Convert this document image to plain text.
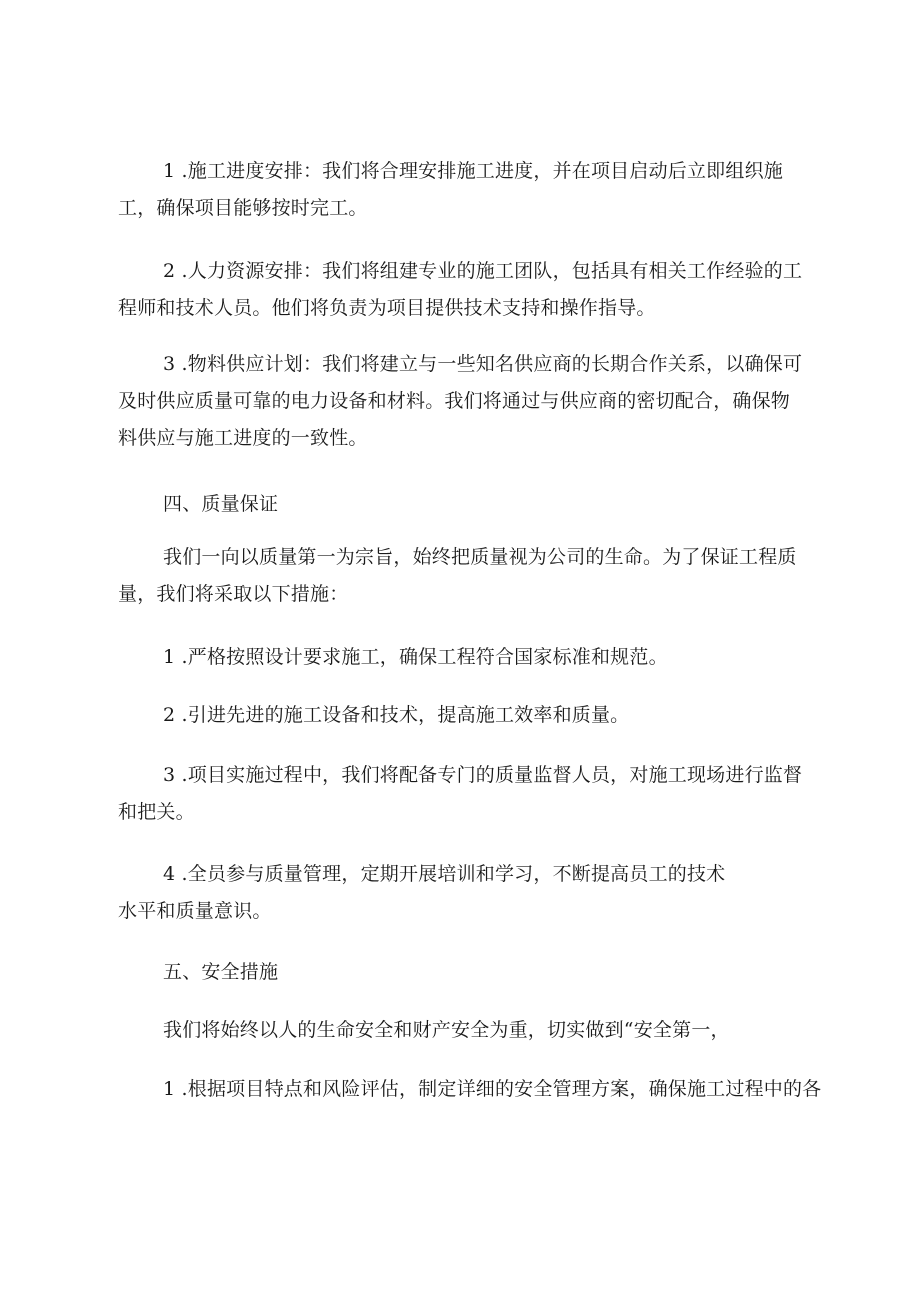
1 .施工进度安排：我们将合理安排施工进度，并在项目启动后立即组织施
工，确保项目能够按时完工。
2 .人力资源安排：我们将组建专业的施工团队，包括具有相关工作经验的工
程师和技术人员。他们将负责为项目提供技术支持和操作指导。
3 .物料供应计划：我们将建立与一些知名供应商的长期合作关系，以确保可
及时供应质量可靠的电力设备和材料。我们将通过与供应商的密切配合，确保物
料供应与施工进度的一致性。
四、质量保证
我们一向以质量第一为宗旨，始终把质量视为公司的生命。为了保证工程质
量，我们将采取以下措施：
1 .严格按照设计要求施工，确保工程符合国家标准和规范。
2 .引进先进的施工设备和技术，提高施工效率和质量。
3 .项目实施过程中，我们将配备专门的质量监督人员，对施工现场进行监督
和把关。
4 .全员参与质量管理，定期开展培训和学习，不断提高员工的技术
水平和质量意识。
五、安全措施
我们将始终以人的生命安全和财产安全为重，切实做到“安全第一，
1 .根据项目特点和风险评估，制定详细的安全管理方案，确保施工过程中的各
